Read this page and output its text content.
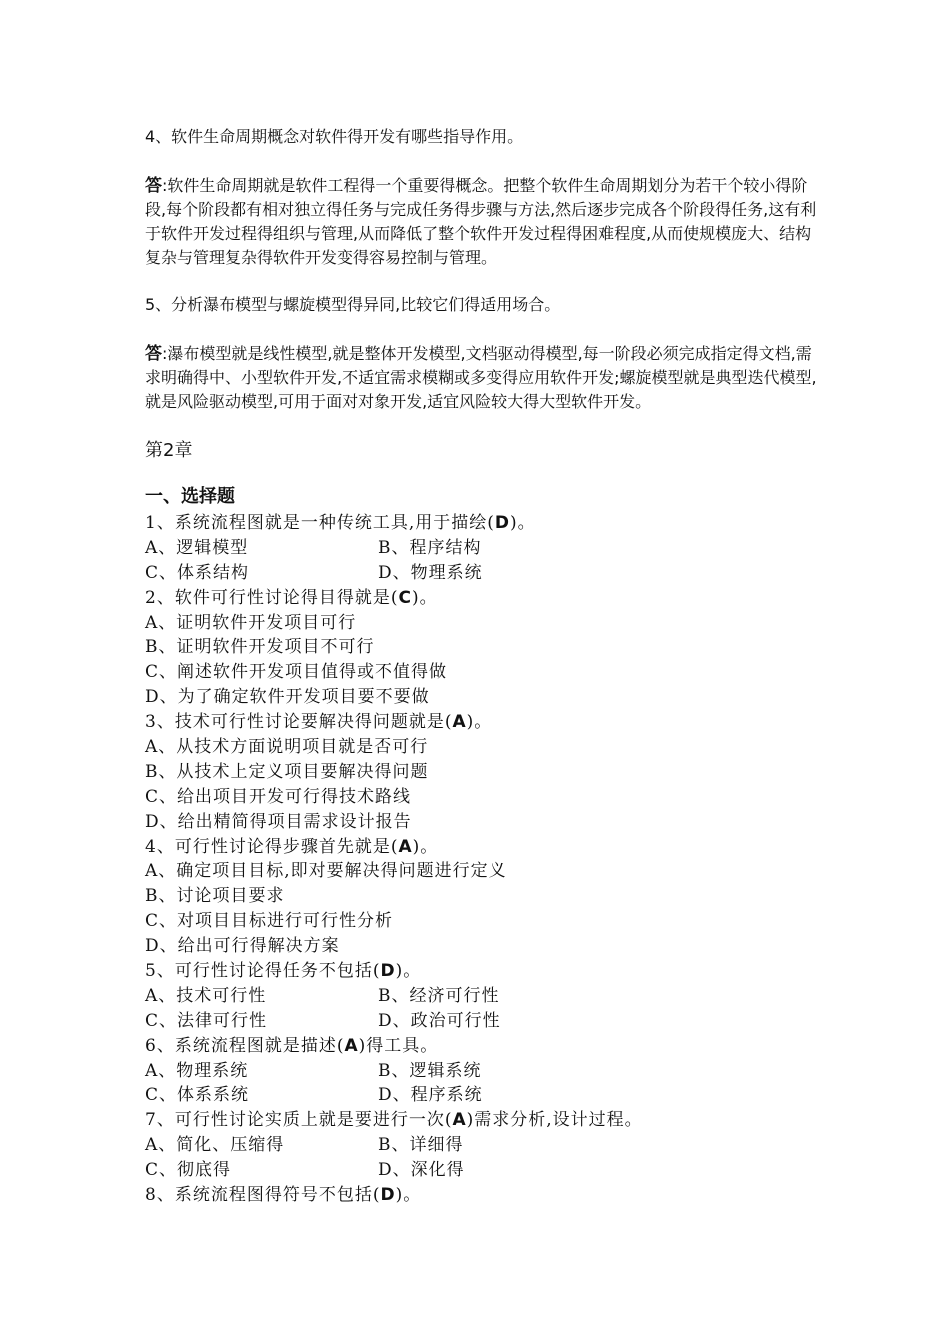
4、软件生命周期概念对软件得开发有哪些指导作用。
答:软件生命周期就是软件工程得一个重要得概念。把整个软件生命周期划分为若干个较小得阶段,每个阶段都有相对独立得任务与完成任务得步骤与方法,然后逐步完成各个阶段得任务,这有利于软件开发过程得组织与管理,从而降低了整个软件开发过程得困难程度,从而使规模庞大、结构复杂与管理复杂得软件开发变得容易控制与管理。
5、分析瀑布模型与螺旋模型得异同,比较它们得适用场合。
答:瀑布模型就是线性模型,就是整体开发模型,文档驱动得模型,每一阶段必须完成指定得文档,需求明确得中、小型软件开发,不适宜需求模糊或多变得应用软件开发;螺旋模型就是典型迭代模型,就是风险驱动模型,可用于面对对象开发,适宜风险较大得大型软件开发。
第2章
一、选择题
1、系统流程图就是一种传统工具,用于描绘(D)。
A、逻辑模型	B、程序结构
C、体系结构	D、物理系统
2、软件可行性讨论得目得就是(C)。
A、证明软件开发项目可行
B、证明软件开发项目不可行
C、阐述软件开发项目值得或不值得做
D、为了确定软件开发项目要不要做
3、技术可行性讨论要解决得问题就是(A)。
A、从技术方面说明项目就是否可行
B、从技术上定义项目要解决得问题
C、给出项目开发可行得技术路线
D、给出精简得项目需求设计报告
4、可行性讨论得步骤首先就是(A)。
A、确定项目目标,即对要解决得问题进行定义
B、讨论项目要求
C、对项目目标进行可行性分析
D、给出可行得解决方案
5、可行性讨论得任务不包括(D)。
A、技术可行性	B、经济可行性
C、法律可行性	D、政治可行性
6、系统流程图就是描述(A)得工具。
A、物理系统	B、逻辑系统
C、体系系统	D、程序系统
7、可行性讨论实质上就是要进行一次(A)需求分析,设计过程。
A、简化、压缩得	B、详细得
C、彻底得	D、深化得
8、系统流程图得符号不包括(D)。
